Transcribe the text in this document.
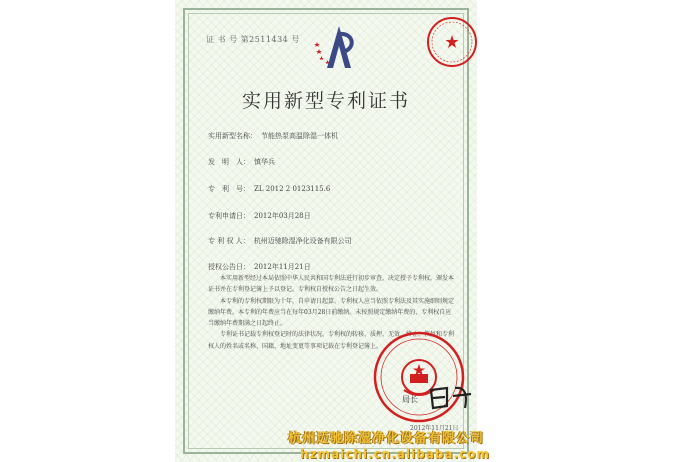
证 书 号 第2511434 号
实用新型专利证书
实用新型名称： 节能热泵高温除湿一体机
发　明　人： 慎华兵
专　利　号： ZL 2012 2 0123115.6
专利申请日： 2012年03月28日
专 利 权 人： 杭州迈驰除湿净化设备有限公司
授权公告日： 2012年11月21日

本实用新型经过本局依照中华人民共和国专利法进行初步审查，决定授予专利权，颁发本证书并在专利登记簿上予以登记。专利权自授权公告之日起生效。

本专利的专利权期限为十年，自申请日起算。专利权人应当依照专利法及其实施细则规定缴纳年费。本专利的年费应当在每年03月28日前缴纳。未按照规定缴纳年费的，专利权自应当缴纳年费期满之日起终止。

专利证书记载专利权登记时的法律状况。专利权的转移、质押、无效、终止、恢复和专利权人的姓名或名称、国籍、地址变更等事项记载在专利登记簿上。

局长
2012年11月21日
杭州迈驰除湿净化设备有限公司
hzmaichi.cn.alibaba.com
